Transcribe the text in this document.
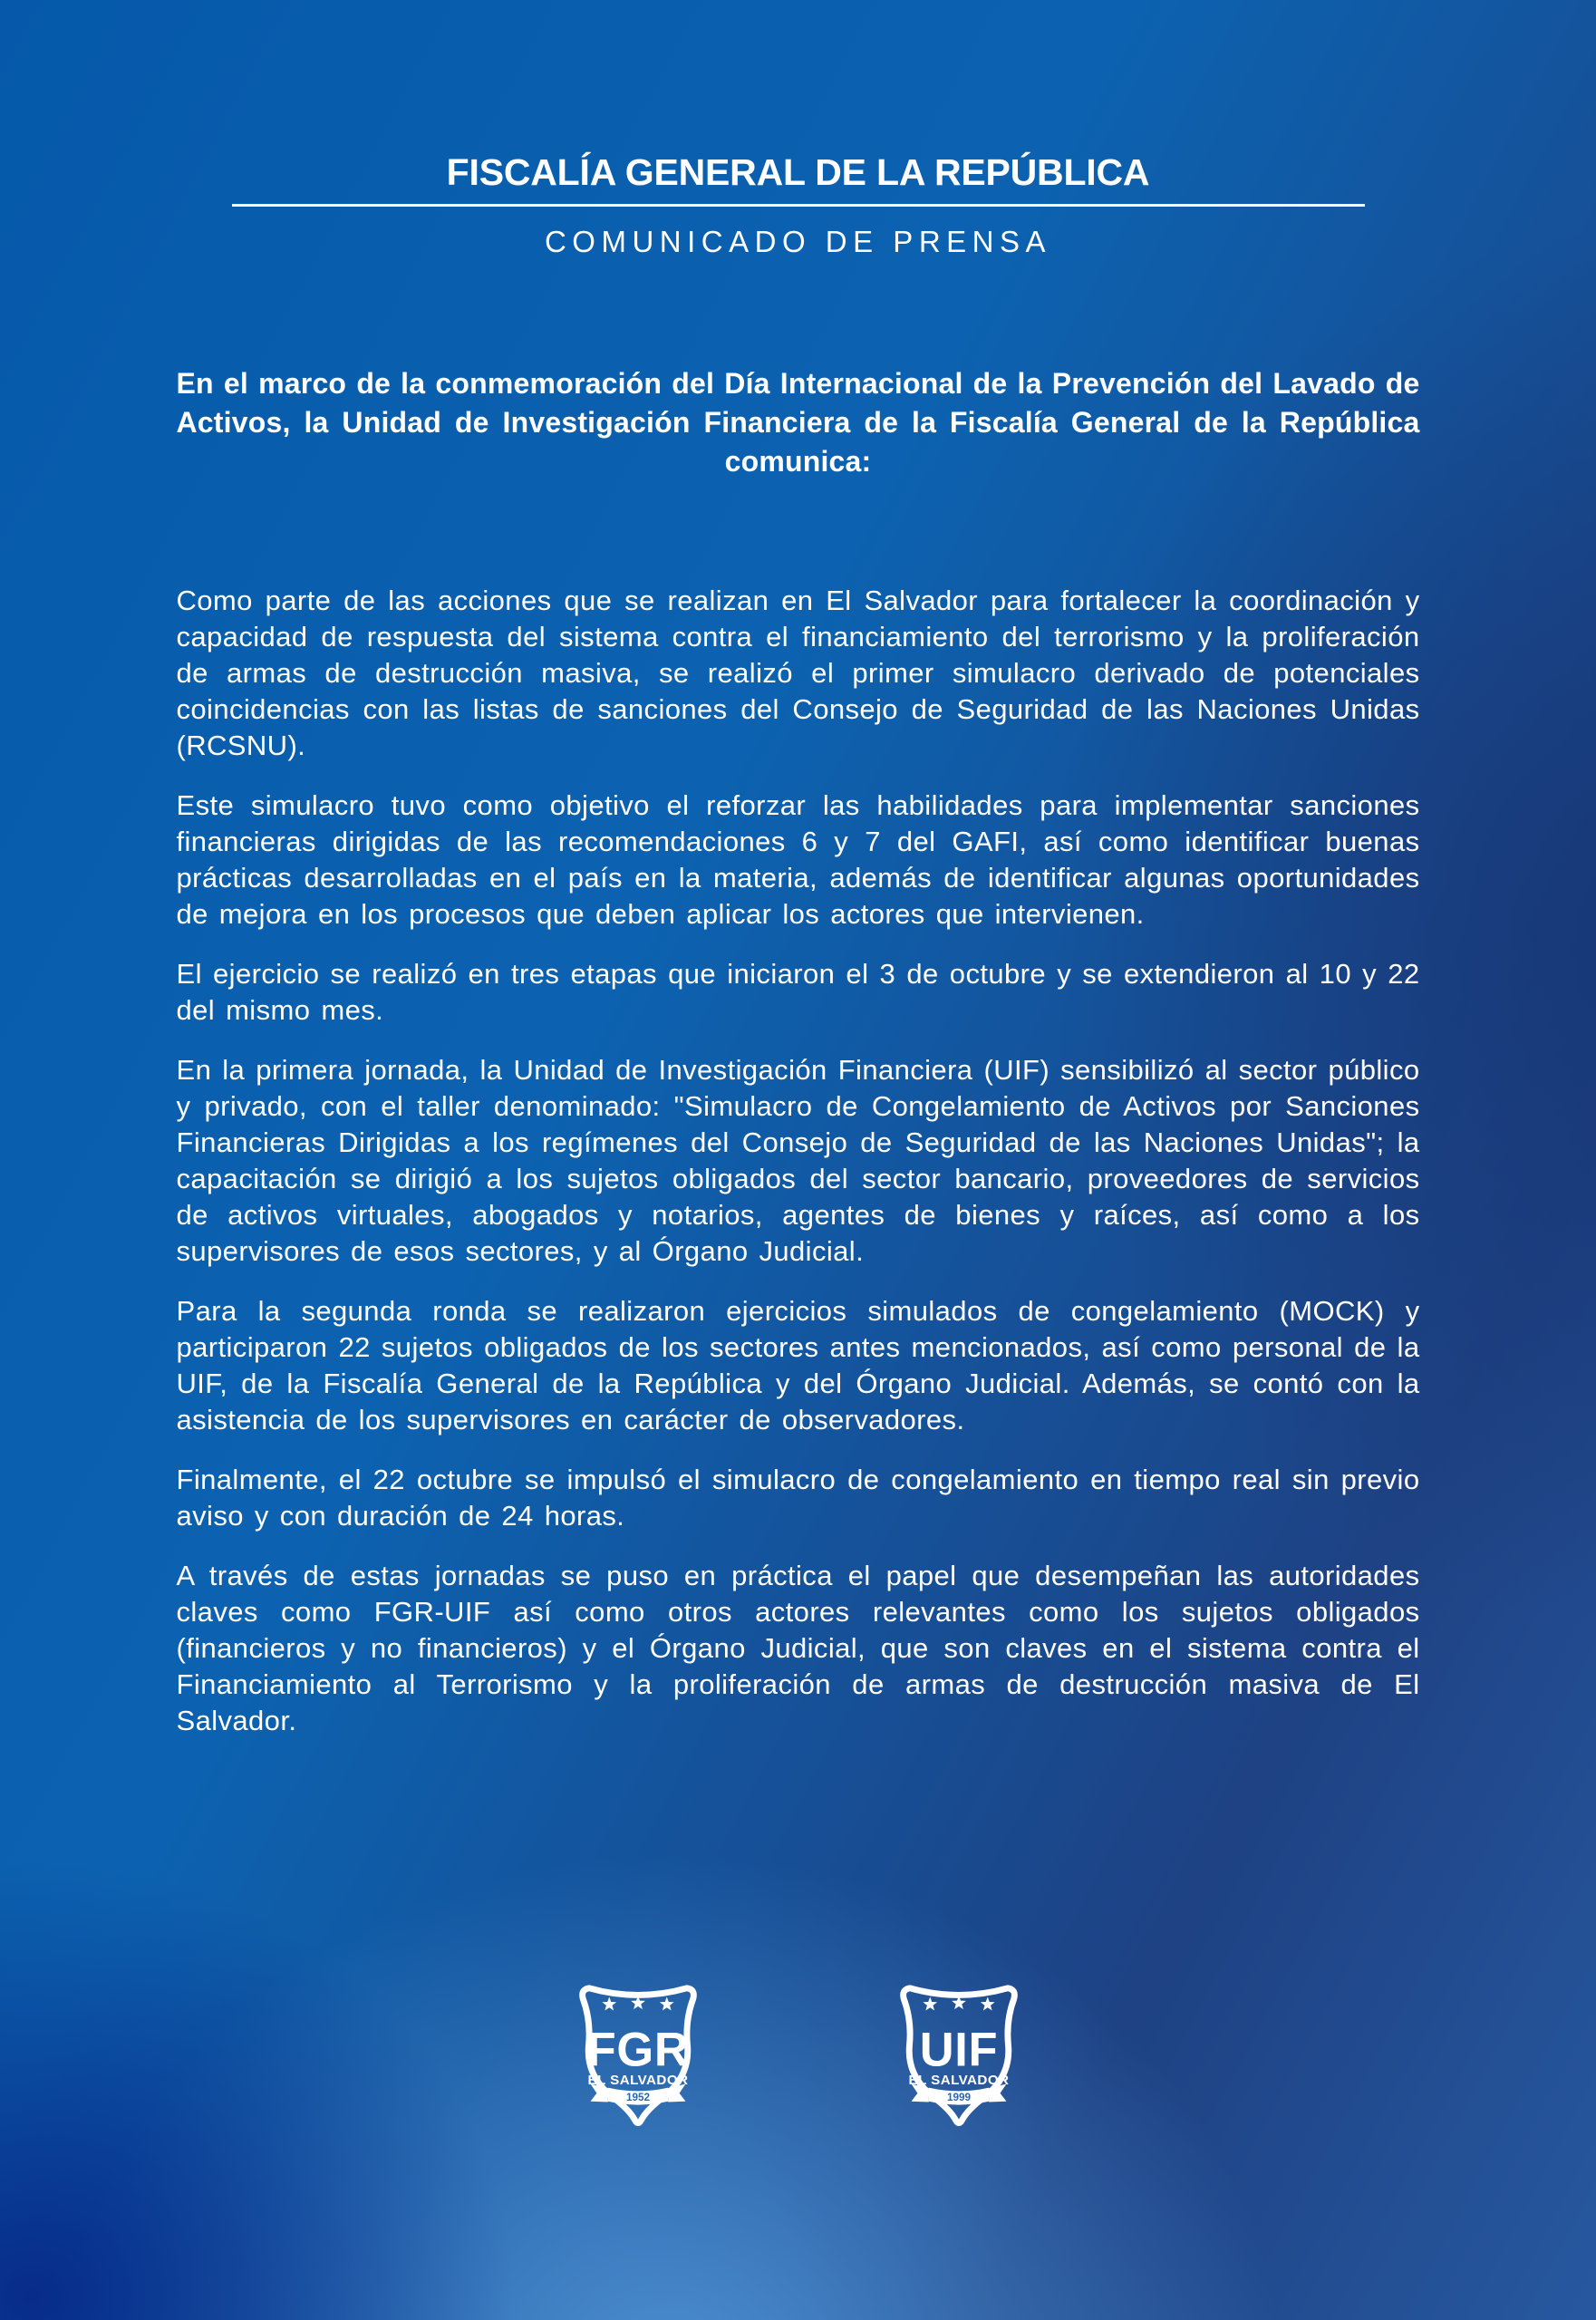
FISCALÍA GENERAL DE LA REPÚBLICA
COMUNICADO DE PRENSA
En el marco de la conmemoración del Día Internacional de la Prevención del Lavado de Activos, la Unidad de Investigación Financiera de la Fiscalía General de la República comunica:

Como parte de las acciones que se realizan en El Salvador para fortalecer la coordinación y capacidad de respuesta del sistema contra el financiamiento del terrorismo y la proliferación de armas de destrucción masiva, se realizó el primer simulacro derivado de potenciales coincidencias con las listas de sanciones del Consejo de Seguridad de las Naciones Unidas (RCSNU).

Este simulacro tuvo como objetivo el reforzar las habilidades para implementar sanciones financieras dirigidas de las recomendaciones 6 y 7 del GAFI, así como identificar buenas prácticas desarrolladas en el país en la materia, además de identificar algunas oportunidades de mejora en los procesos que deben aplicar los actores que intervienen.

El ejercicio se realizó en tres etapas que iniciaron el 3 de octubre y se extendieron al 10 y 22 del mismo mes.

En la primera jornada, la Unidad de Investigación Financiera (UIF) sensibilizó al sector público y privado, con el taller denominado: "Simulacro de Congelamiento de Activos por Sanciones Financieras Dirigidas a los regímenes del Consejo de Seguridad de las Naciones Unidas"; la capacitación se dirigió a los sujetos obligados del sector bancario, proveedores de servicios de activos virtuales, abogados y notarios, agentes de bienes y raíces, así como a los supervisores de esos sectores, y al Órgano Judicial.

Para la segunda ronda se realizaron ejercicios simulados de congelamiento (MOCK) y participaron 22 sujetos obligados de los sectores antes mencionados, así como personal de la UIF, de la Fiscalía General de la República y del Órgano Judicial. Además, se contó con la asistencia de los supervisores en carácter de observadores.

Finalmente, el 22 octubre se impulsó el simulacro de congelamiento en tiempo real sin previo aviso y con duración de 24 horas.

A través de estas jornadas se puso en práctica el papel que desempeñan las autoridades claves como FGR-UIF así como otros actores relevantes como los sujetos obligados (financieros y no financieros) y el Órgano Judicial, que son claves en el sistema contra el Financiamiento al Terrorismo y la proliferación de armas de destrucción masiva de El Salvador.

FGR
EL SALVADOR
1952
UIF
EL SALVADOR
1999
